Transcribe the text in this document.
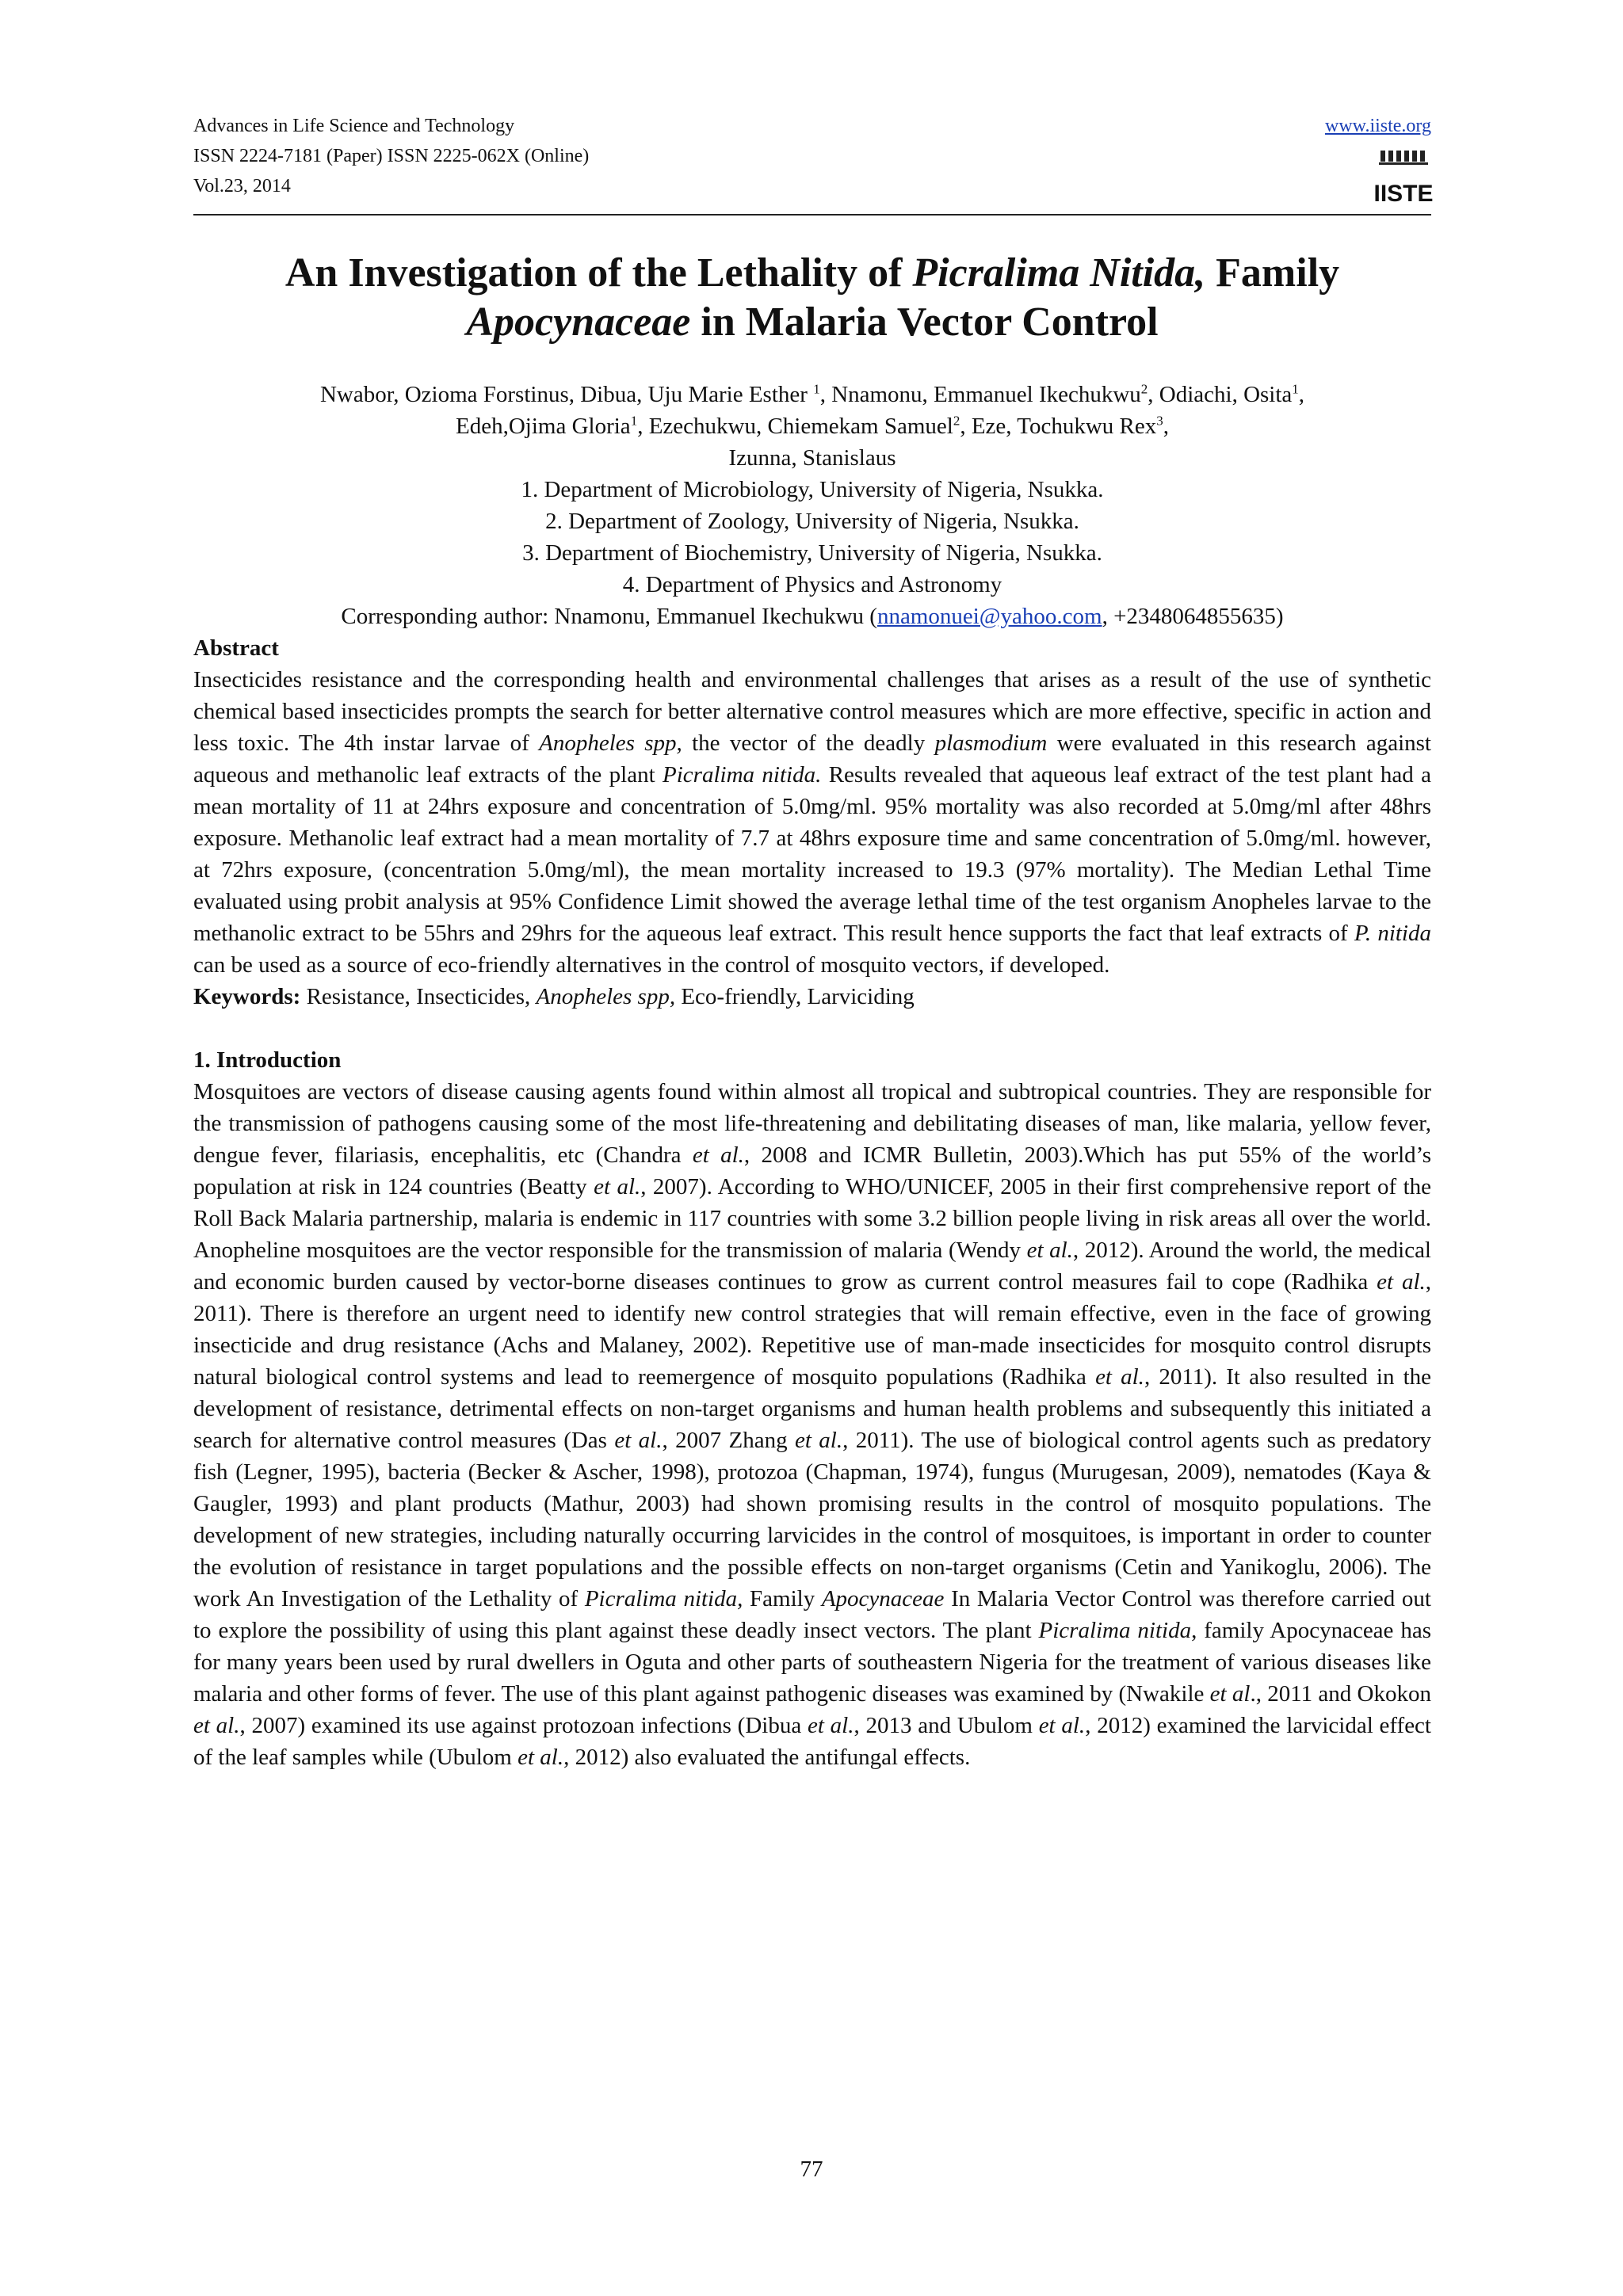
Advances in Life Science and Technology
ISSN 2224-7181 (Paper) ISSN 2225-062X (Online)
Vol.23, 2014
www.iiste.org
IISTE
An Investigation of the Lethality of Picralima Nitida, Family
Apocynaceae in Malaria Vector Control
Nwabor, Ozioma Forstinus, Dibua, Uju Marie Esther $^1$, Nnamonu, Emmanuel Ikechukwu$^2$, Odiachi, Osita$^1$,
Edeh,Ojima Gloria$^1$, Ezechukwu, Chiemekam Samuel$^2$, Eze, Tochukwu Rex$^3$,
Izunna, Stanislaus
1. Department of Microbiology, University of Nigeria, Nsukka.
2. Department of Zoology, University of Nigeria, Nsukka.
3. Department of Biochemistry, University of Nigeria, Nsukka.
4. Department of Physics and Astronomy
Corresponding author: Nnamonu, Emmanuel Ikechukwu (nnamonuei@yahoo.com, +2348064855635)
Abstract
Insecticides resistance and the corresponding health and environmental challenges that arises as a result of the use of synthetic chemical based insecticides prompts the search for better alternative control measures which are more effective, specific in action and less toxic. The 4th instar larvae of Anopheles spp, the vector of the deadly plasmodium were evaluated in this research against aqueous and methanolic leaf extracts of the plant Picralima nitida. Results revealed that aqueous leaf extract of the test plant had a mean mortality of 11 at 24hrs exposure and concentration of 5.0mg/ml. 95% mortality was also recorded at 5.0mg/ml after 48hrs exposure. Methanolic leaf extract had a mean mortality of 7.7 at 48hrs exposure time and same concentration of 5.0mg/ml. however, at 72hrs exposure, (concentration 5.0mg/ml), the mean mortality increased to 19.3 (97% mortality). The Median Lethal Time evaluated using probit analysis at 95% Confidence Limit showed the average lethal time of the test organism Anopheles larvae to the methanolic extract to be 55hrs and 29hrs for the aqueous leaf extract. This result hence supports the fact that leaf extracts of P. nitida can be used as a source of eco-friendly alternatives in the control of mosquito vectors, if developed.
Keywords: Resistance, Insecticides, Anopheles spp, Eco-friendly, Larviciding
1. Introduction
Mosquitoes are vectors of disease causing agents found within almost all tropical and subtropical countries. They are responsible for the transmission of pathogens causing some of the most life-threatening and debilitating diseases of man, like malaria, yellow fever, dengue fever, filariasis, encephalitis, etc (Chandra et al., 2008 and ICMR Bulletin, 2003).Which has put 55% of the world’s population at risk in 124 countries (Beatty et al., 2007). According to WHO/UNICEF, 2005 in their first comprehensive report of the Roll Back Malaria partnership, malaria is endemic in 117 countries with some 3.2 billion people living in risk areas all over the world. Anopheline mosquitoes are the vector responsible for the transmission of malaria (Wendy et al., 2012). Around the world, the medical and economic burden caused by vector-borne diseases continues to grow as current control measures fail to cope (Radhika et al., 2011). There is therefore an urgent need to identify new control strategies that will remain effective, even in the face of growing insecticide and drug resistance (Achs and Malaney, 2002). Repetitive use of man-made insecticides for mosquito control disrupts natural biological control systems and lead to reemergence of mosquito populations (Radhika et al., 2011). It also resulted in the development of resistance, detrimental effects on non-target organisms and human health problems and subsequently this initiated a search for alternative control measures (Das et al., 2007 Zhang et al., 2011). The use of biological control agents such as predatory fish (Legner, 1995), bacteria (Becker & Ascher, 1998), protozoa (Chapman, 1974), fungus (Murugesan, 2009), nematodes (Kaya & Gaugler, 1993) and plant products (Mathur, 2003) had shown promising results in the control of mosquito populations. The development of new strategies, including naturally occurring larvicides in the control of mosquitoes, is important in order to counter the evolution of resistance in target populations and the possible effects on non-target organisms (Cetin and Yanikoglu, 2006). The work An Investigation of the Lethality of Picralima nitida, Family Apocynaceae In Malaria Vector Control was therefore carried out to explore the possibility of using this plant against these deadly insect vectors. The plant Picralima nitida, family Apocynaceae has for many years been used by rural dwellers in Oguta and other parts of southeastern Nigeria for the treatment of various diseases like malaria and other forms of fever. The use of this plant against pathogenic diseases was examined by (Nwakile et al., 2011 and Okokon et al., 2007) examined its use against protozoan infections (Dibua et al., 2013 and Ubulom et al., 2012) examined the larvicidal effect of the leaf samples while (Ubulom et al., 2012) also evaluated the antifungal effects.
77
